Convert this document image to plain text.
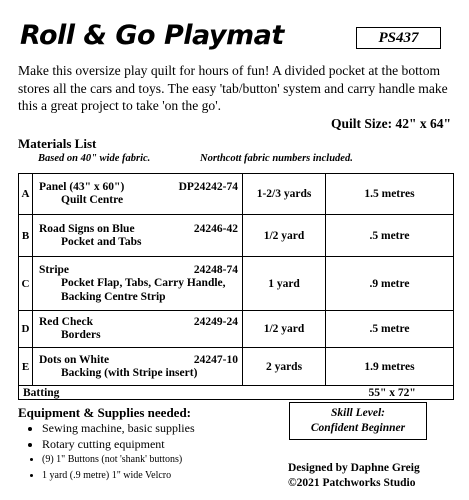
Roll & Go Playmat	PS437

Make this oversize play quilt for hours of fun! A divided pocket at the bottom stores all the cars and toys. The easy 'tab/button' system and carry handle make this a great project to take 'on the go'.

Quilt Size: 42" x 64"

Materials List
Based on 40" wide fabric.	Northcott fabric numbers included.
A	Panel (43" x 60") DP24242-74
Quilt Centre	1-2/3 yards	1.5 metres
B	Road Signs on Blue 24246-42
Pocket and Tabs	1/2 yard	.5 metre
C	Stripe 24248-74
Pocket Flap, Tabs, Carry Handle, Backing Centre Strip	1 yard	.9 metre
D	Red Check 24249-24
Borders	1/2 yard	.5 metre
E	Dots on White 24247-10
Backing (with Stripe insert)	2 yards	1.9 metres
Batting		55" x 72"	
Equipment & Supplies needed:
• Sewing machine, basic supplies
• Rotary cutting equipment
• (9) 1" Buttons (not 'shank' buttons)
• 1 yard (.9 metre) 1" wide Velcro
Skill Level:
Confident Beginner
Designed by Daphne Greig
©2021 Patchworks Studio
